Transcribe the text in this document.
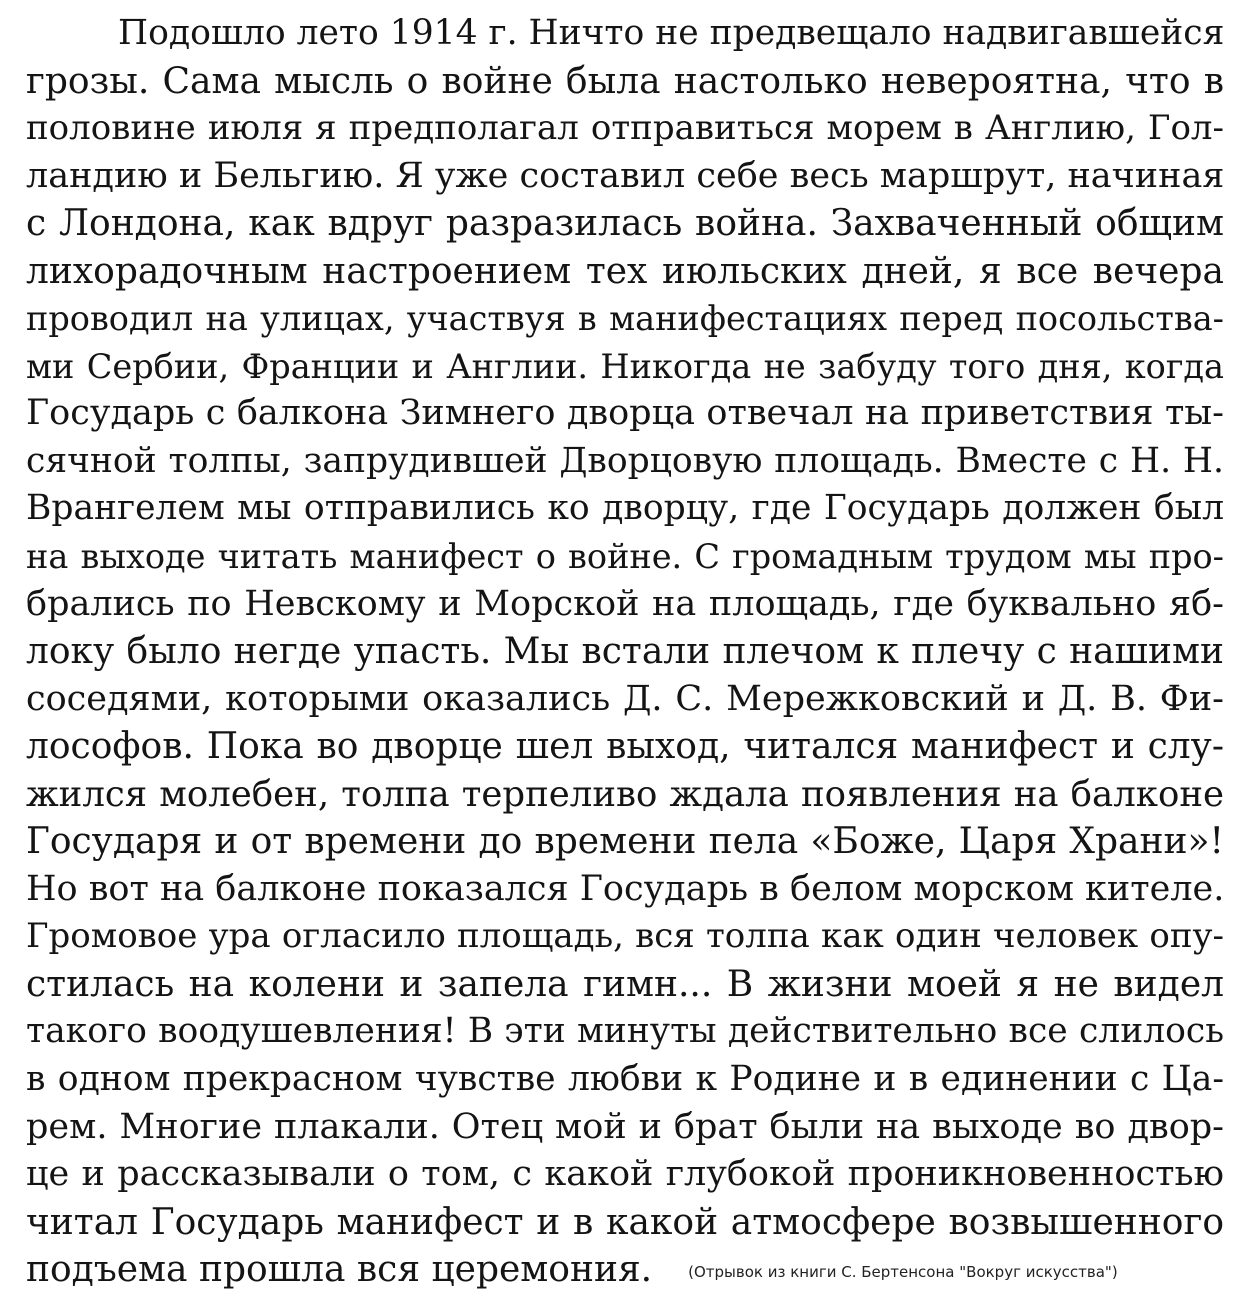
Подошло лето 1914 г. Ничто не предвещало надвигавшейся
грозы. Сама мысль о войне была настолько невероятна, что в
половине июля я предполагал отправиться морем в Англию, Гол-
ландию и Бельгию. Я уже составил себе весь маршрут, начиная
с Лондона, как вдруг разразилась война. Захваченный общим
лихорадочным настроением тех июльских дней, я все вечера
проводил на улицах, участвуя в манифестациях перед посольства-
ми Сербии, Франции и Англии. Никогда не забуду того дня, когда
Государь с балкона Зимнего дворца отвечал на приветствия ты-
сячной толпы, запрудившей Дворцовую площадь. Вместе с Н. Н.
Врангелем мы отправились ко дворцу, где Государь должен был
на выходе читать манифест о войне. С громадным трудом мы про-
брались по Невскому и Морской на площадь, где буквально яб-
локу было негде упасть. Мы встали плечом к плечу с нашими
соседями, которыми оказались Д. С. Мережковский и Д. В. Фи-
лософов. Пока во дворце шел выход, читался манифест и слу-
жился молебен, толпа терпеливо ждала появления на балконе
Государя и от времени до времени пела «Боже, Царя Храни»!
Но вот на балконе показался Государь в белом морском кителе.
Громовое ура огласило площадь, вся толпа как один человек опу-
стилась на колени и запела гимн... В жизни моей я не видел
такого воодушевления! В эти минуты действительно все слилось
в одном прекрасном чувстве любви к Родине и в единении с Ца-
рем. Многие плакали. Отец мой и брат были на выходе во двор-
це и рассказывали о том, с какой глубокой проникновенностью
читал Государь манифест и в какой атмосфере возвышенного
подъема прошла вся церемония. (Отрывок из книги С. Бертенсона "Вокруг искусства")
